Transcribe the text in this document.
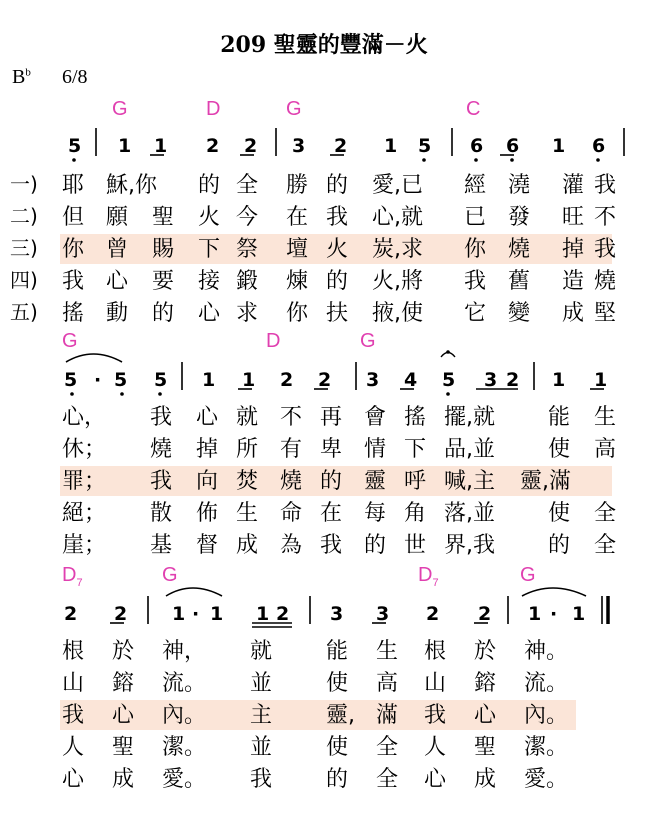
209 聖靈的豐滿－火
$B^b$ 6/8
G	D	G	C
G	D	G
$D_7$	G	$D_7$	G
5 1 1 2 2 3 2 1 5 6 6 1 6
5 · 5 5 1 1 2 2 3 4 5 3 2 1 1
2 2 1 · 1 1 2 3 3 2 2 1 · 1
一)
二)
三)
四)
五)
耶 穌,你 的 全 勝 的 愛,已 經 澆 灌 我
但 願 聖 火 今 在 我 心,就 已 發 旺 不
你 曾 賜 下 祭 壇 火 炭,求 你 燒 掉 我
我 心 要 接 鍛 煉 的 火,將 我 舊 造 燒
搖 動 的 心 求 你 扶 掖,使 它 變 成 堅
心， 我 心 就 不 再 會 搖 擺,就 能 生
休； 燒 掉 所 有 卑 情 下 品,並 使 高
罪； 我 向 焚 燒 的 靈 呼 喊,主 靈,滿
絕； 散 佈 生 命 在 每 角 落,並 使 全
崖； 基 督 成 為 我 的 世 界,我 的 全
根 於 神， 就 能 生 根 於 神。
山 鎔 流。 並 使 高 山 鎔 流。
我 心 內。 主 靈, 滿 我 心 內。
人 聖 潔。 並 使 全 人 聖 潔。
心 成 愛。 我 的 全 心 成 愛。
